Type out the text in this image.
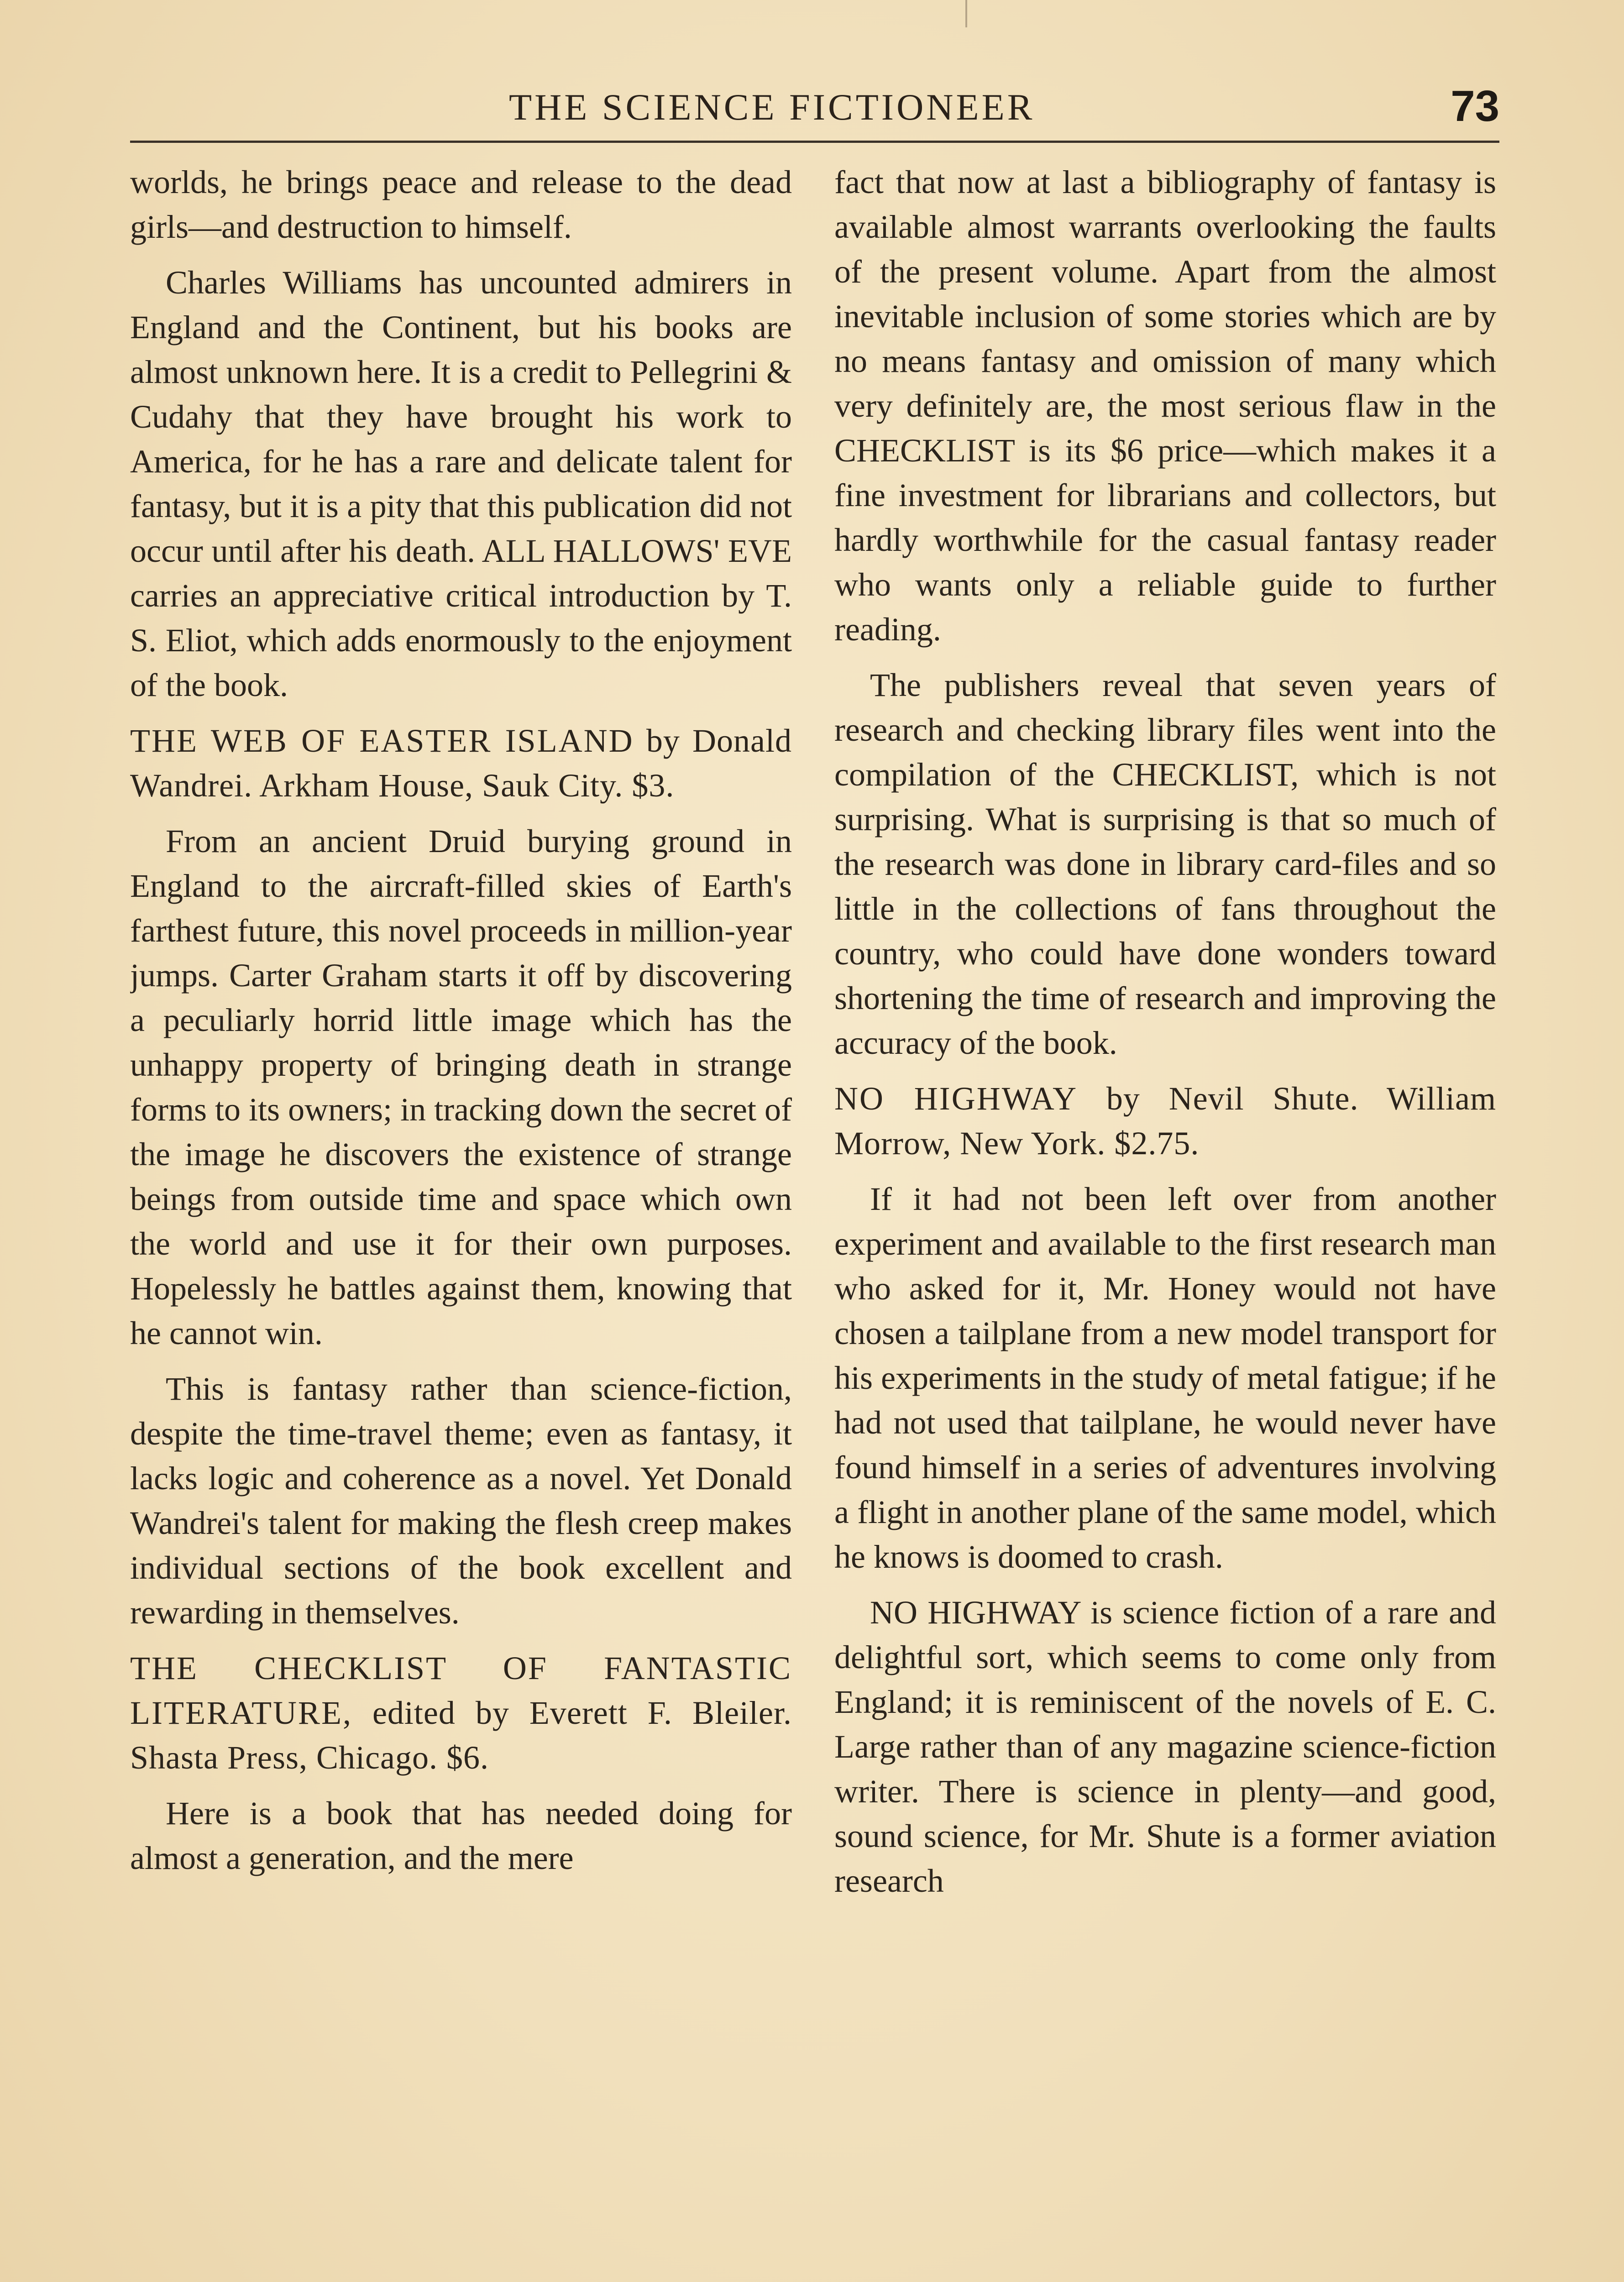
THE SCIENCE FICTIONEER	73

worlds, he brings peace and release to the dead girls—and destruction to himself.

Charles Williams has uncounted admirers in England and the Continent, but his books are almost unknown here. It is a credit to Pellegrini & Cudahy that they have brought his work to America, for he has a rare and delicate talent for fantasy, but it is a pity that this publication did not occur until after his death. ALL HALLOWS' EVE carries an appreciative critical introduction by T. S. Eliot, which adds enormously to the enjoyment of the book.

THE WEB OF EASTER ISLAND by Donald Wandrei. Arkham House, Sauk City. $3.

From an ancient Druid burying ground in England to the aircraft-filled skies of Earth's farthest future, this novel proceeds in million-year jumps. Carter Graham starts it off by discovering a peculiarly horrid little image which has the unhappy property of bringing death in strange forms to its owners; in tracking down the secret of the image he discovers the existence of strange beings from outside time and space which own the world and use it for their own purposes. Hopelessly he battles against them, knowing that he cannot win.

This is fantasy rather than science-fiction, despite the time-travel theme; even as fantasy, it lacks logic and coherence as a novel. Yet Donald Wandrei's talent for making the flesh creep makes individual sections of the book excellent and rewarding in themselves.

THE CHECKLIST OF FANTASTIC LITERATURE, edited by Everett F. Bleiler. Shasta Press, Chicago. $6.

Here is a book that has needed doing for almost a generation, and the mere

fact that now at last a bibliography of fantasy is available almost warrants overlooking the faults of the present volume. Apart from the almost inevitable inclusion of some stories which are by no means fantasy and omission of many which very definitely are, the most serious flaw in the CHECKLIST is its $6 price—which makes it a fine investment for librarians and collectors, but hardly worthwhile for the casual fantasy reader who wants only a reliable guide to further reading.

The publishers reveal that seven years of research and checking library files went into the compilation of the CHECKLIST, which is not surprising. What is surprising is that so much of the research was done in library card-files and so little in the collections of fans throughout the country, who could have done wonders toward shortening the time of research and improving the accuracy of the book.

NO HIGHWAY by Nevil Shute. William Morrow, New York. $2.75.

If it had not been left over from another experiment and available to the first research man who asked for it, Mr. Honey would not have chosen a tailplane from a new model transport for his experiments in the study of metal fatigue; if he had not used that tailplane, he would never have found himself in a series of adventures involving a flight in another plane of the same model, which he knows is doomed to crash.

NO HIGHWAY is science fiction of a rare and delightful sort, which seems to come only from England; it is reminiscent of the novels of E. C. Large rather than of any magazine science-fiction writer. There is science in plenty—and good, sound science, for Mr. Shute is a former aviation research
